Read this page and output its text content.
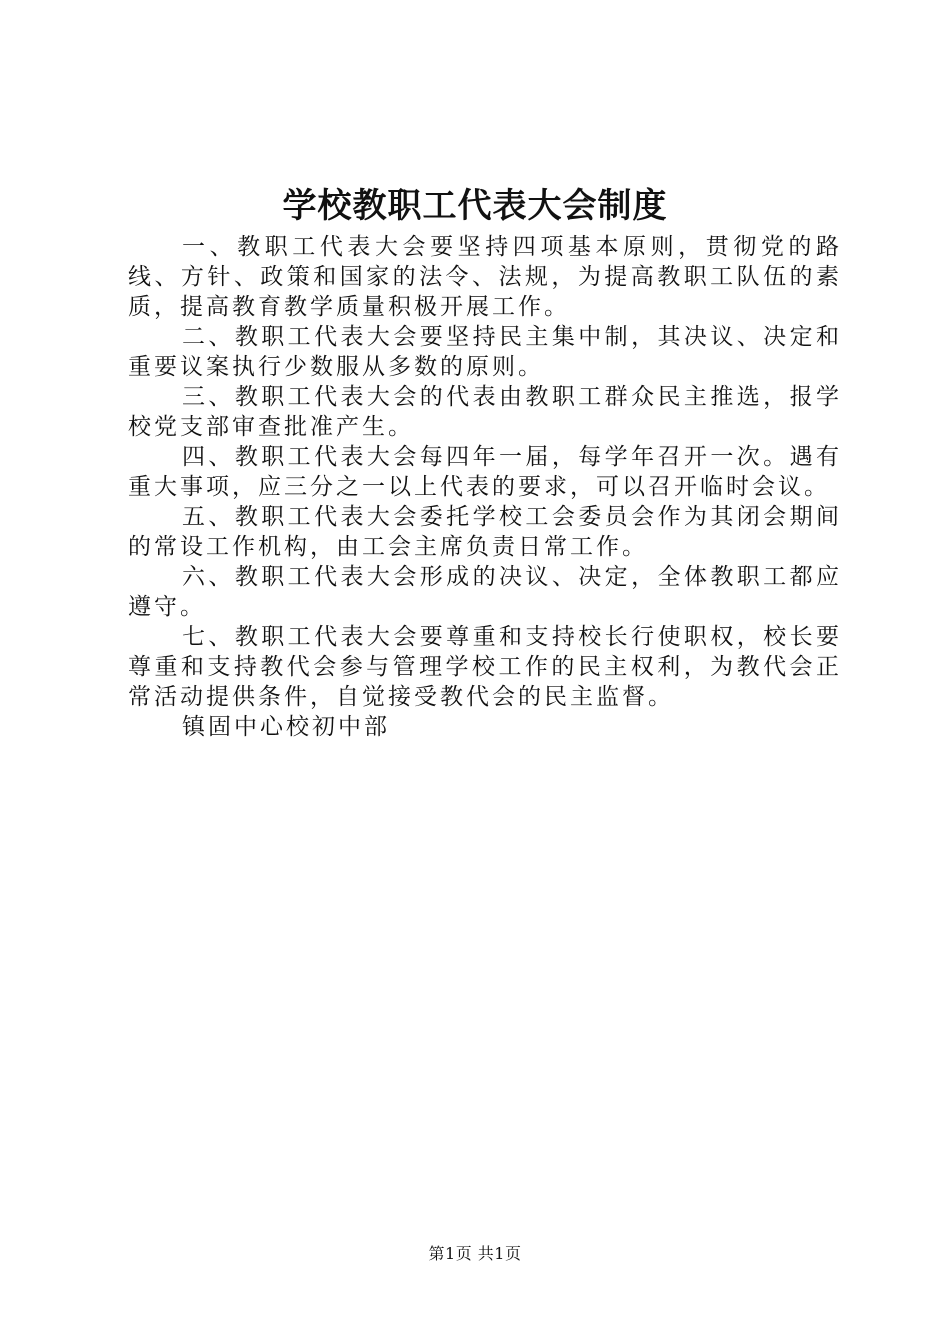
学校教职工代表大会制度

一、教职工代表大会要坚持四项基本原则，贯彻党的路线、方针、政策和国家的法令、法规，为提高教职工队伍的素质，提高教育教学质量积极开展工作。

二、教职工代表大会要坚持民主集中制，其决议、决定和重要议案执行少数服从多数的原则。

三、教职工代表大会的代表由教职工群众民主推选，报学校党支部审查批准产生。

四、教职工代表大会每四年一届，每学年召开一次。遇有重大事项，应三分之一以上代表的要求，可以召开临时会议。

五、教职工代表大会委托学校工会委员会作为其闭会期间的常设工作机构，由工会主席负责日常工作。

六、教职工代表大会形成的决议、决定，全体教职工都应遵守。

七、教职工代表大会要尊重和支持校长行使职权，校长要尊重和支持教代会参与管理学校工作的民主权利，为教代会正常活动提供条件，自觉接受教代会的民主监督。

镇固中心校初中部

第1页 共1页
